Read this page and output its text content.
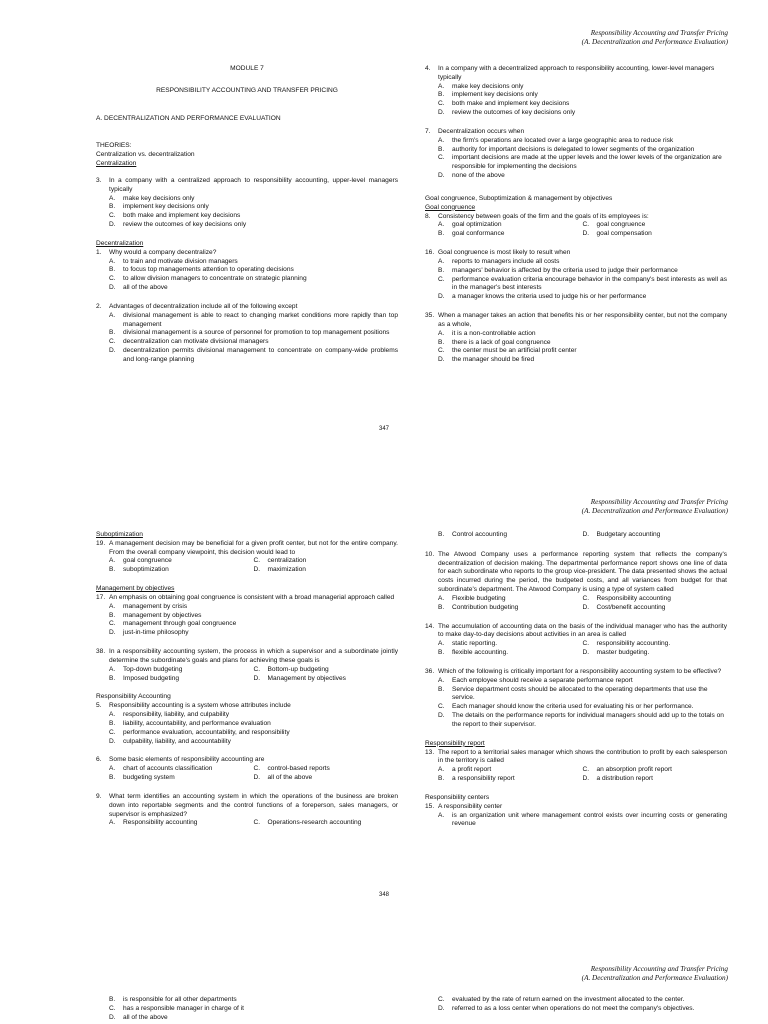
Responsibility Accounting and Transfer Pricing
(A. Decentralization and Performance Evaluation)
MODULE 7
RESPONSIBILITY ACCOUNTING AND TRANSFER PRICING
A. DECENTRALIZATION AND PERFORMANCE EVALUATION
THEORIES:
Centralization vs. decentralization
Centralization
3.	In a company with a centralized approach to responsibility accounting, upper-level managers typically
A.	make key decisions only
B.	implement key decisions only
C.	both make and implement key decisions
D.	review the outcomes of key decisions only
Decentralization
1.	Why would a company decentralize?
A.	to train and motivate division managers
B.	to focus top managements attention to operating decisions
C.	to allow division managers to concentrate on strategic planning
D.	all of the above
2.	Advantages of decentralization include all of the following except
A.	divisional management is able to react to changing market conditions more rapidly than top management
B.	divisional management is a source of personnel for promotion to top management positions
C.	decentralization can motivate divisional managers
D.	decentralization permits divisional management to concentrate on company-wide problems and long-range planning
4.	In a company with a decentralized approach to responsibility accounting, lower-level managers typically
A.	make key decisions only
B.	implement key decisions only
C.	both make and implement key decisions
D.	review the outcomes of key decisions only
7.	Decentralization occurs when
A.	the firm's operations are located over a large geographic area to reduce risk
B.	authority for important decisions is delegated to lower segments of the organization
C.	important decisions are made at the upper levels and the lower levels of the organization are responsible for implementing the decisions
D.	none of the above
Goal congruence, Suboptimization & management by objectives
Goal congruence
8.	Consistency between goals of the firm and the goals of its employees is:
A.	goal optimization	C.	goal congruence
B.	goal conformance	D.	goal compensation
16. Goal congruence is most likely to result when
A.	reports to managers include all costs
B.	managers' behavior is affected by the criteria used to judge their performance
C.	performance evaluation criteria encourage behavior in the company's best interests as well as in the manager's best interests
D.	a manager knows the criteria used to judge his or her performance
35. When a manager takes an action that benefits his or her responsibility center, but not the company as a whole,
A.	it is a non-controllable action
B.	there is a lack of goal congruence
C.	the center must be an artificial profit center
D.	the manager should be fired
347
Responsibility Accounting and Transfer Pricing
(A. Decentralization and Performance Evaluation)
Suboptimization
19. A management decision may be beneficial for a given profit center, but not for the entire company. From the overall company viewpoint, this decision would lead to
A.	goal congruence	C.	centralization
B.	suboptimization	D.	maximization
Management by objectives
17. An emphasis on obtaining goal congruence is consistent with a broad managerial approach called
A.	management by crisis
B.	management by objectives
C.	management through goal congruence
D.	just-in-time philosophy
38. In a responsibility accounting system, the process in which a supervisor and a subordinate jointly determine the subordinate's goals and plans for achieving these goals is
A.	Top-down budgeting	C.	Bottom-up budgeting
B.	Imposed budgeting	D.	Management by objectives
Responsibility Accounting
5.	Responsibility accounting is a system whose attributes include
A.	responsibility, liability, and culpability
B.	liability, accountability, and performance evaluation
C.	performance evaluation, accountability, and responsibility
D.	culpability, liability, and accountability
6.	Some basic elements of responsibility accounting are
A.	chart of accounts classification	C.	control-based reports
B.	budgeting system	D.	all of the above
9.	What term identifies an accounting system in which the operations of the business are broken down into reportable segments and the control functions of a foreperson, sales managers, or supervisor is emphasized?
A.	Responsibility accounting	C.	Operations-research accounting
B.	Control accounting	D.	Budgetary accounting
10. The Atwood Company uses a performance reporting system that reflects the company's decentralization of decision making. The departmental performance report shows one line of data for each subordinate who reports to the group vice-president. The data presented shows the actual costs incurred during the period, the budgeted costs, and all variances from budget for that subordinate's department. The Atwood Company is using a type of system called
A.	Flexible budgeting	C.	Responsibility accounting
B.	Contribution budgeting	D.	Cost/benefit accounting
14. The accumulation of accounting data on the basis of the individual manager who has the authority to make day-to-day decisions about activities in an area is called
A.	static reporting.	C.	responsibility accounting.
B.	flexible accounting.	D.	master budgeting.
36. Which of the following is critically important for a responsibility accounting system to be effective?
A.	Each employee should receive a separate performance report
B.	Service department costs should be allocated to the operating departments that use the service.
C.	Each manager should know the criteria used for evaluating his or her performance.
D.	The details on the performance reports for individual managers should add up to the totals on the report to their supervisor.
Responsibility report
13. The report to a territorial sales manager which shows the contribution to profit by each salesperson in the territory is called
A.	a profit report	C.	an absorption profit report
B.	a responsibility report	D.	a distribution report
Responsibility centers
15. A responsibility center
A.	is an organization unit where management control exists over incurring costs or generating revenue
348
Responsibility Accounting and Transfer Pricing
(A. Decentralization and Performance Evaluation)
B.	is responsible for all other departments
C.	has a responsible manager in charge of it
D.	all of the above
C.	evaluated by the rate of return earned on the investment allocated to the center.
D.	referred to as a loss center when operations do not meet the company's objectives.
